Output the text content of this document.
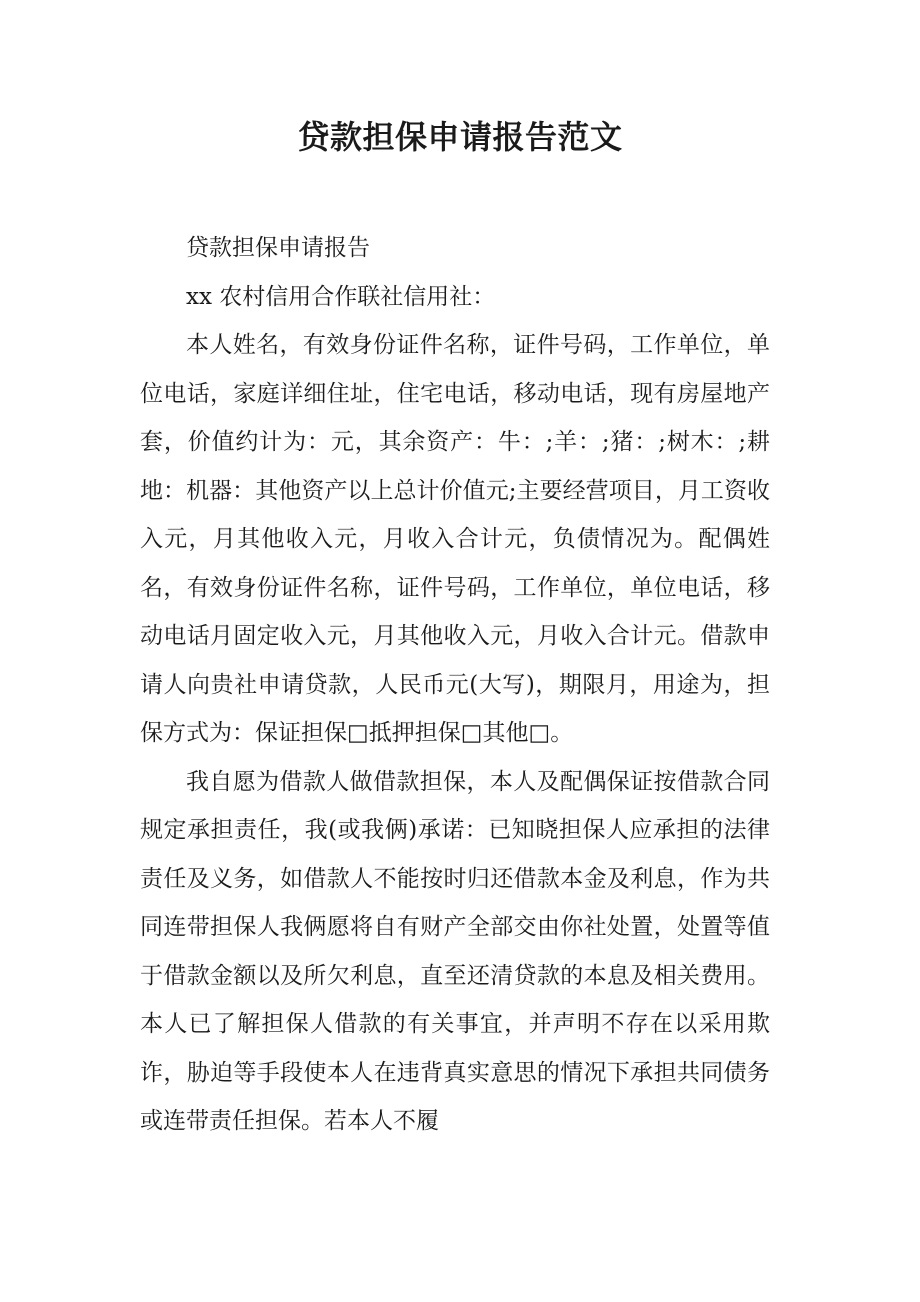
贷款担保申请报告范文

贷款担保申请报告

xx 农村信用合作联社信用社：

本人姓名，有效身份证件名称，证件号码，工作单位，单位电话，家庭详细住址，住宅电话，移动电话，现有房屋地产套，价值约计为：元，其余资产：牛：;羊：;猪：;树木：;耕地：机器：其他资产以上总计价值元;主要经营项目，月工资收入元，月其他收入元，月收入合计元，负债情况为。配偶姓名，有效身份证件名称，证件号码，工作单位，单位电话，移动电话月固定收入元，月其他收入元，月收入合计元。借款申请人向贵社申请贷款，人民币元(大写)，期限月，用途为，担保方式为：保证担保□抵押担保□其他□。

我自愿为借款人做借款担保，本人及配偶保证按借款合同规定承担责任，我(或我俩)承诺：已知晓担保人应承担的法律责任及义务，如借款人不能按时归还借款本金及利息，作为共同连带担保人我俩愿将自有财产全部交由你社处置，处置等值于借款金额以及所欠利息，直至还清贷款的本息及相关费用。本人已了解担保人借款的有关事宜，并声明不存在以采用欺诈，胁迫等手段使本人在违背真实意思的情况下承担共同债务或连带责任担保。若本人不履
